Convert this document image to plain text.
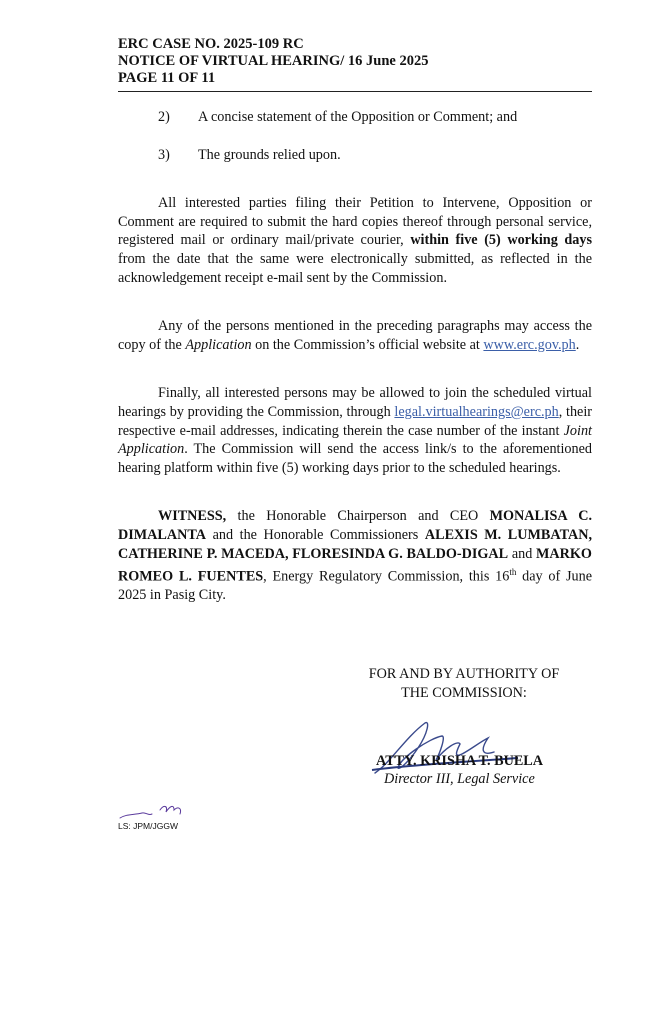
ERC CASE NO. 2025-109 RC
NOTICE OF VIRTUAL HEARING/ 16 June 2025
PAGE 11 OF 11
2)	A concise statement of the Opposition or Comment; and
3)	The grounds relied upon.

All interested parties filing their Petition to Intervene, Opposition or Comment are required to submit the hard copies thereof through personal service, registered mail or ordinary mail/private courier, within five (5) working days from the date that the same were electronically submitted, as reflected in the acknowledgement receipt e-mail sent by the Commission.

Any of the persons mentioned in the preceding paragraphs may access the copy of the Application on the Commission’s official website at www.erc.gov.ph.

Finally, all interested persons may be allowed to join the scheduled virtual hearings by providing the Commission, through legal.virtualhearings@erc.ph, their respective e-mail addresses, indicating therein the case number of the instant Joint Application. The Commission will send the access link/s to the aforementioned hearing platform within five (5) working days prior to the scheduled hearings.

WITNESS, the Honorable Chairperson and CEO MONALISA C. DIMALANTA and the Honorable Commissioners ALEXIS M. LUMBATAN, CATHERINE P. MACEDA, FLORESINDA G. BALDO-DIGAL and MARKO ROMEO L. FUENTES, Energy Regulatory Commission, this 16th day of June 2025 in Pasig City.

FOR AND BY AUTHORITY OF
THE COMMISSION:
ATTY. KRISHA T. BUELA
Director III, Legal Service
LS: JPM/JGGW
